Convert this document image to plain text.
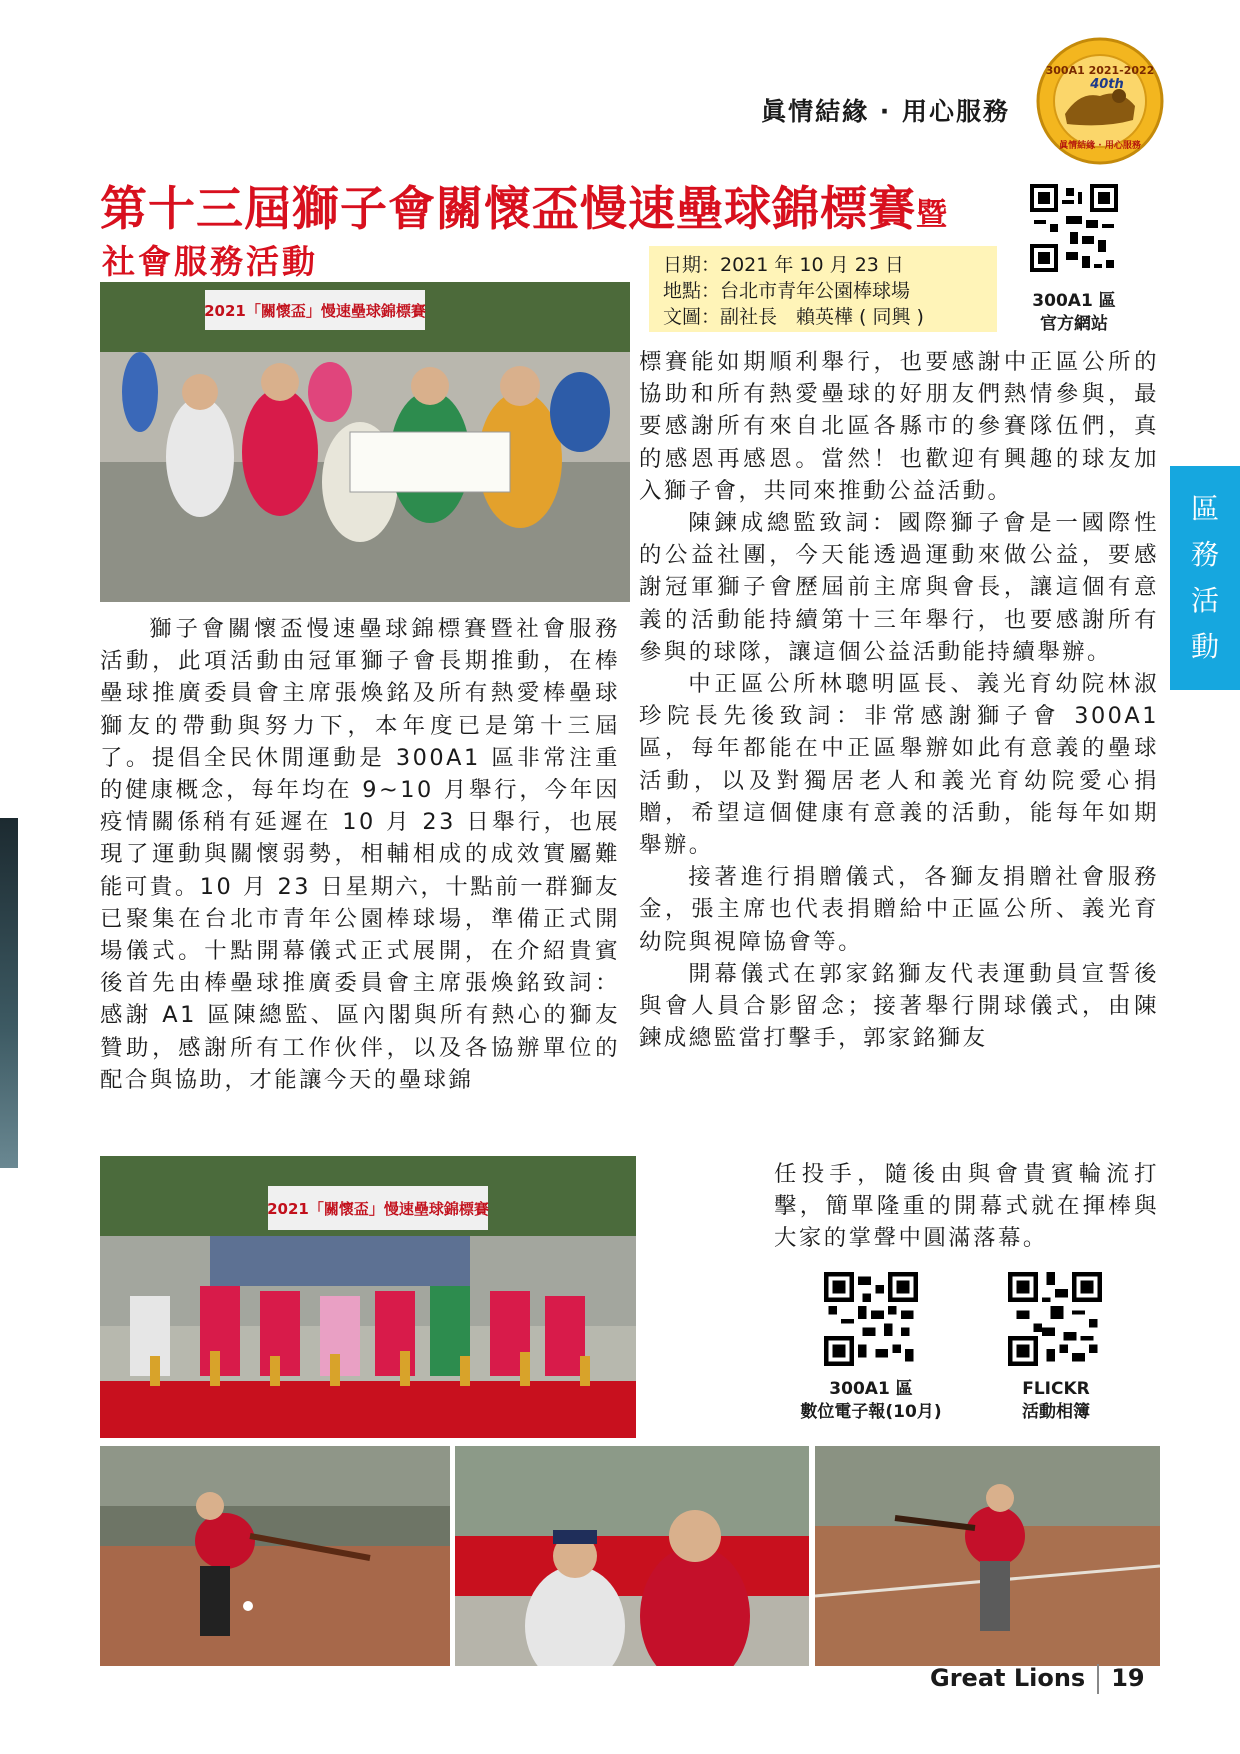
眞情結緣 · 用心服務
300A1 2021-2022
40th
眞情結緣 · 用心服務
第十三屆獅子會關懷盃慢速壘球錦標賽暨
社會服務活動	日期：2021 年 10 月 23 日
地點：台北市青年公園棒球場
文圖：副社長　賴英樺 ( 同興 )
300A1 區
官方網站
區
務
活
動
2021「關懷盃」慢速壘球錦標賽
2021「關懷盃」慢速壘球錦標賽

獅子會關懷盃慢速壘球錦標賽暨社會服務活動，此項活動由冠軍獅子會長期推動，在棒壘球推廣委員會主席張煥銘及所有熱愛棒壘球獅友的帶動與努力下，本年度已是第十三屆了。提倡全民休閒運動是 300A1 區非常注重的健康概念，每年均在 9~10 月舉行，今年因疫情關係稍有延遲在 10 月 23 日舉行，也展現了運動與關懷弱勢，相輔相成的成效實屬難能可貴。10 月 23 日星期六，十點前一群獅友已聚集在台北市青年公園棒球場，準備正式開場儀式。十點開幕儀式正式展開，在介紹貴賓後首先由棒壘球推廣委員會主席張煥銘致詞：感謝 A1 區陳總監、區內閣與所有熱心的獅友贊助，感謝所有工作伙伴，以及各協辦單位的配合與協助，才能讓今天的壘球錦

標賽能如期順利舉行，也要感謝中正區公所的協助和所有熱愛壘球的好朋友們熱情參與，最要感謝所有來自北區各縣市的參賽隊伍們，真的感恩再感恩。當然！也歡迎有興趣的球友加入獅子會，共同來推動公益活動。

陳鍊成總監致詞：國際獅子會是一國際性的公益社團，今天能透過運動來做公益，要感謝冠軍獅子會歷屆前主席與會長，讓這個有意義的活動能持續第十三年舉行，也要感謝所有參與的球隊，讓這個公益活動能持續舉辦。

中正區公所林聰明區長、義光育幼院林淑珍院長先後致詞：非常感謝獅子會 300A1 區，每年都能在中正區舉辦如此有意義的壘球活動，以及對獨居老人和義光育幼院愛心捐贈，希望這個健康有意義的活動，能每年如期舉辦。

接著進行捐贈儀式，各獅友捐贈社會服務金，張主席也代表捐贈給中正區公所、義光育幼院與視障協會等。

開幕儀式在郭家銘獅友代表運動員宣誓後與會人員合影留念；接著舉行開球儀式，由陳鍊成總監當打擊手，郭家銘獅友

任投手，隨後由與會貴賓輪流打擊，簡單隆重的開幕式就在揮棒與大家的掌聲中圓滿落幕。

300A1 區
數位電子報(10月)
FLICKR
活動相簿
Great Lions 19
